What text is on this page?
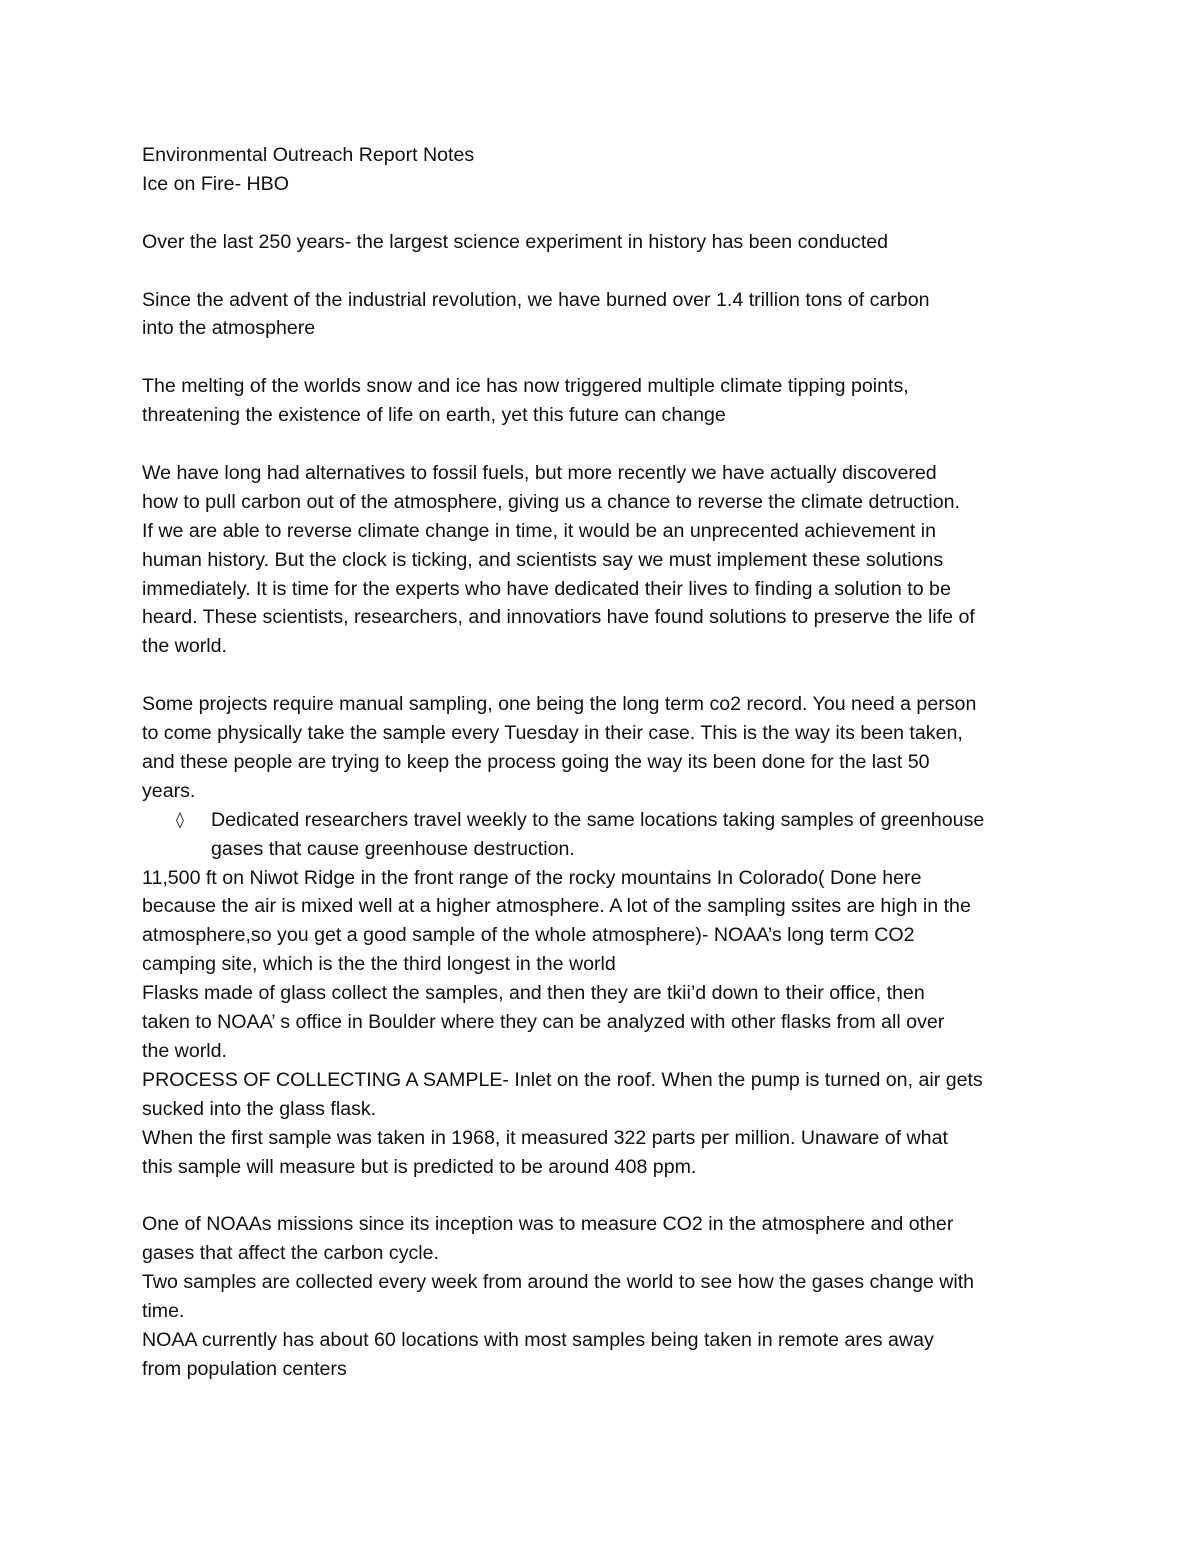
Environmental Outreach Report Notes
Ice on Fire- HBO
Over the last 250 years- the largest science experiment in history has been conducted
Since the advent of the industrial revolution, we have burned over 1.4 trillion tons of carbon
into the atmosphere
The melting of the worlds snow and ice has now triggered multiple climate tipping points,
threatening the existence of life on earth, yet this future can change
We have long had alternatives to fossil fuels, but more recently we have actually discovered
how to pull carbon out of the atmosphere, giving us a chance to reverse the climate detruction.
If we are able to reverse climate change in time, it would be an unprecented achievement in
human history. But the clock is ticking, and scientists say we must implement these solutions
immediately. It is time for the experts who have dedicated their lives to finding a solution to be
heard. These scientists, researchers, and innovatiors have found solutions to preserve the life of
the world.
Some projects require manual sampling, one being the long term co2 record. You need a person
to come physically take the sample every Tuesday in their case. This is the way its been taken,
and these people are trying to keep the process going the way its been done for the last 50
years.
◊ Dedicated researchers travel weekly to the same locations taking samples of greenhouse
gases that cause greenhouse destruction.
11,500 ft on Niwot Ridge in the front range of the rocky mountains In Colorado( Done here
because the air is mixed well at a higher atmosphere. A lot of the sampling ssites are high in the
atmosphere,so you get a good sample of the whole atmosphere)- NOAA’s long term CO2
camping site, which is the the third longest in the world
Flasks made of glass collect the samples, and then they are tkii’d down to their office, then
taken to NOAA’ s office in Boulder where they can be analyzed with other flasks from all over
the world.
PROCESS OF COLLECTING A SAMPLE- Inlet on the roof. When the pump is turned on, air gets
sucked into the glass flask.
When the first sample was taken in 1968, it measured 322 parts per million. Unaware of what
this sample will measure but is predicted to be around 408 ppm.
One of NOAAs missions since its inception was to measure CO2 in the atmosphere and other
gases that affect the carbon cycle.
Two samples are collected every week from around the world to see how the gases change with
time.
NOAA currently has about 60 locations with most samples being taken in remote ares away
from population centers
